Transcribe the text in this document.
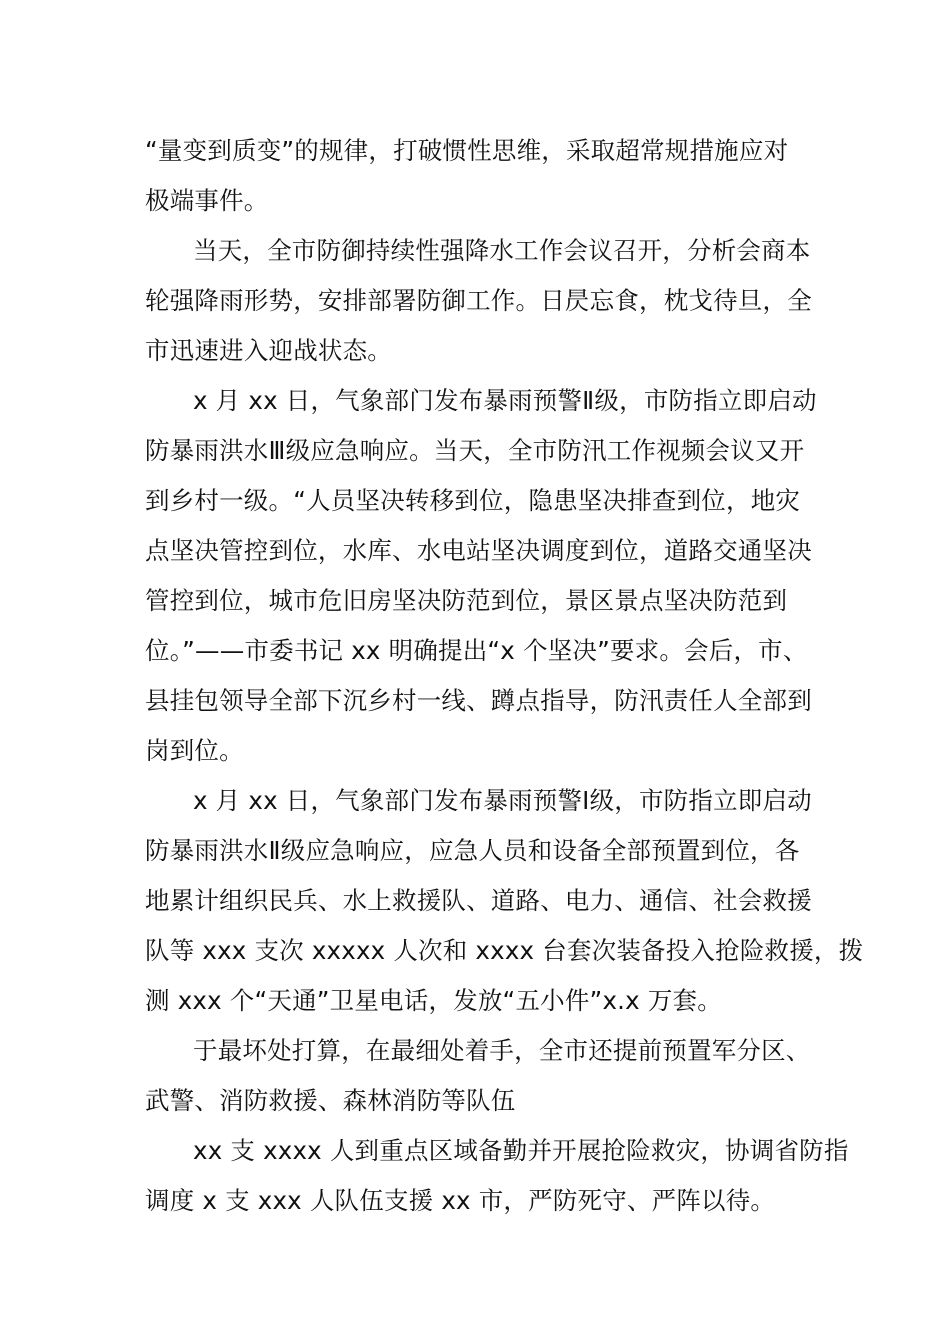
“量变到质变”的规律，打破惯性思维，采取超常规措施应对
极端事件。
当天，全市防御持续性强降水工作会议召开，分析会商本
轮强降雨形势，安排部署防御工作。日昃忘食，枕戈待旦，全
市迅速进入迎战状态。
x 月 xx 日，气象部门发布暴雨预警Ⅱ级，市防指立即启动
防暴雨洪水Ⅲ级应急响应。当天，全市防汛工作视频会议又开
到乡村一级。“人员坚决转移到位，隐患坚决排查到位，地灾
点坚决管控到位，水库、水电站坚决调度到位，道路交通坚决
管控到位，城市危旧房坚决防范到位，景区景点坚决防范到
位。”——市委书记 xx 明确提出“x 个坚决”要求。会后，市、
县挂包领导全部下沉乡村一线、蹲点指导，防汛责任人全部到
岗到位。
x 月 xx 日，气象部门发布暴雨预警Ⅰ级，市防指立即启动
防暴雨洪水Ⅱ级应急响应，应急人员和设备全部预置到位，各
地累计组织民兵、水上救援队、道路、电力、通信、社会救援
队等 xxx 支次 xxxxx 人次和 xxxx 台套次装备投入抢险救援，拨
测 xxx 个“天通”卫星电话，发放“五小件”x.x 万套。
于最坏处打算，在最细处着手，全市还提前预置军分区、
武警、消防救援、森林消防等队伍
xx 支 xxxx 人到重点区域备勤并开展抢险救灾，协调省防指
调度 x 支 xxx 人队伍支援 xx 市，严防死守、严阵以待。
